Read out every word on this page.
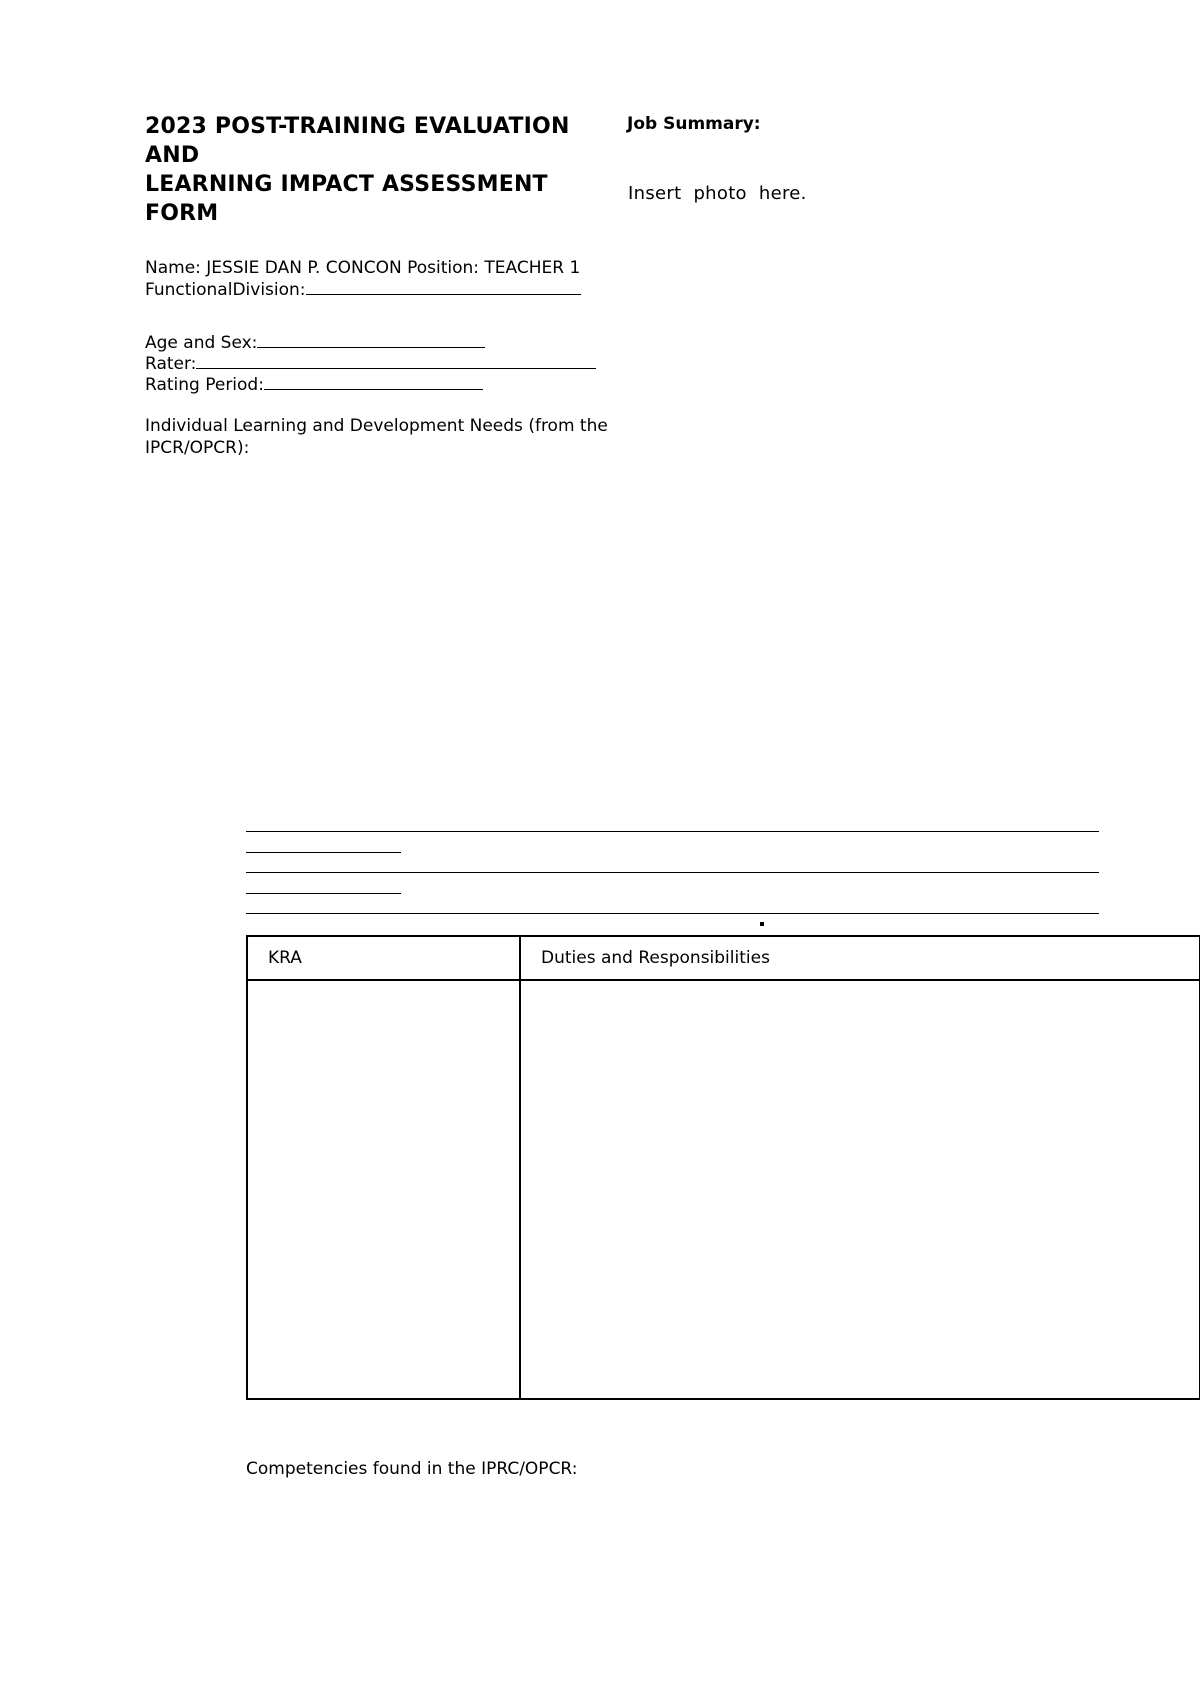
2023 POST-TRAINING EVALUATION
AND
LEARNING IMPACT ASSESSMENT
FORM
Job Summary:
Insert photo here.
Name: JESSIE DAN P. CONCON Position: TEACHER 1
FunctionalDivision:
Age and Sex:
Rater:
Rating Period:
Individual Learning and Development Needs (from the IPCR/OPCR):
KRA	Duties and Responsibilities

Competencies found in the IPRC/OPCR:
